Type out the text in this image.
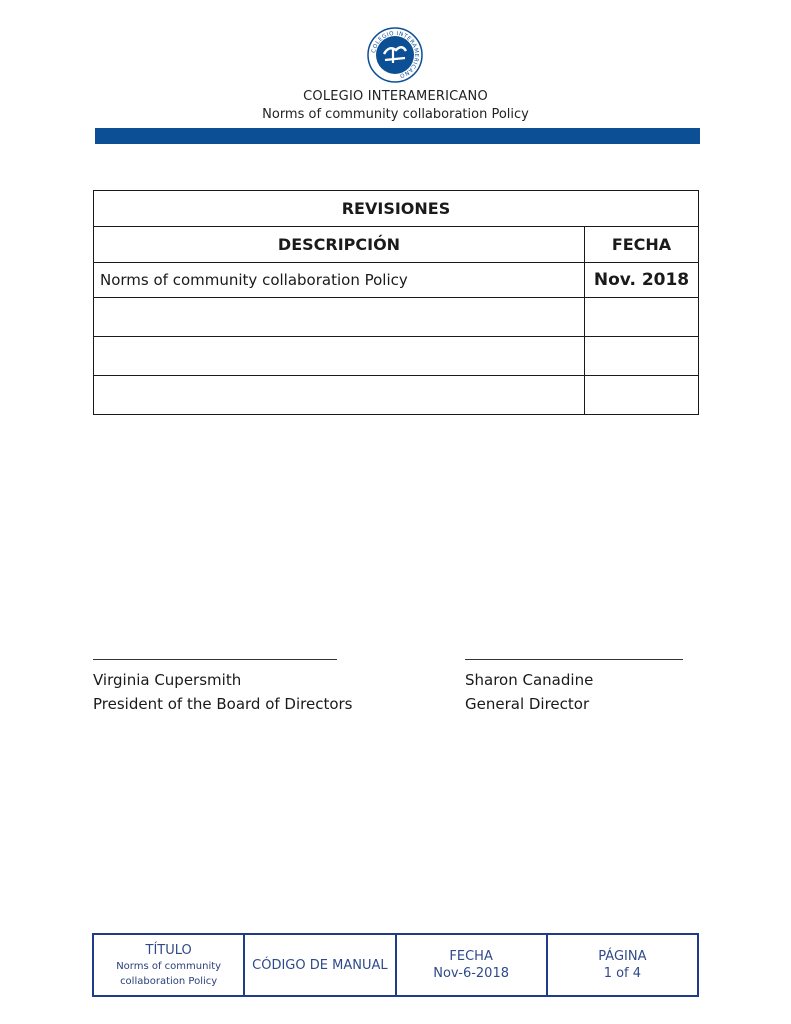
COLEGIO INTERAMERICANO
COLEGIO INTERAMERICANO
Norms of community collaboration Policy
REVISIONES	
DESCRIPCIÓN	FECHA
Norms of community collaboration Policy	Nov. 2018

Virginia Cupersmith
President of the Board of Directors
Sharon Canadine
General Director
TÍTULO
Norms of community collaboration Policy

CÓDIGO DE MANUAL

FECHA
Nov-6-2018

PÁGINA
1 of 4
